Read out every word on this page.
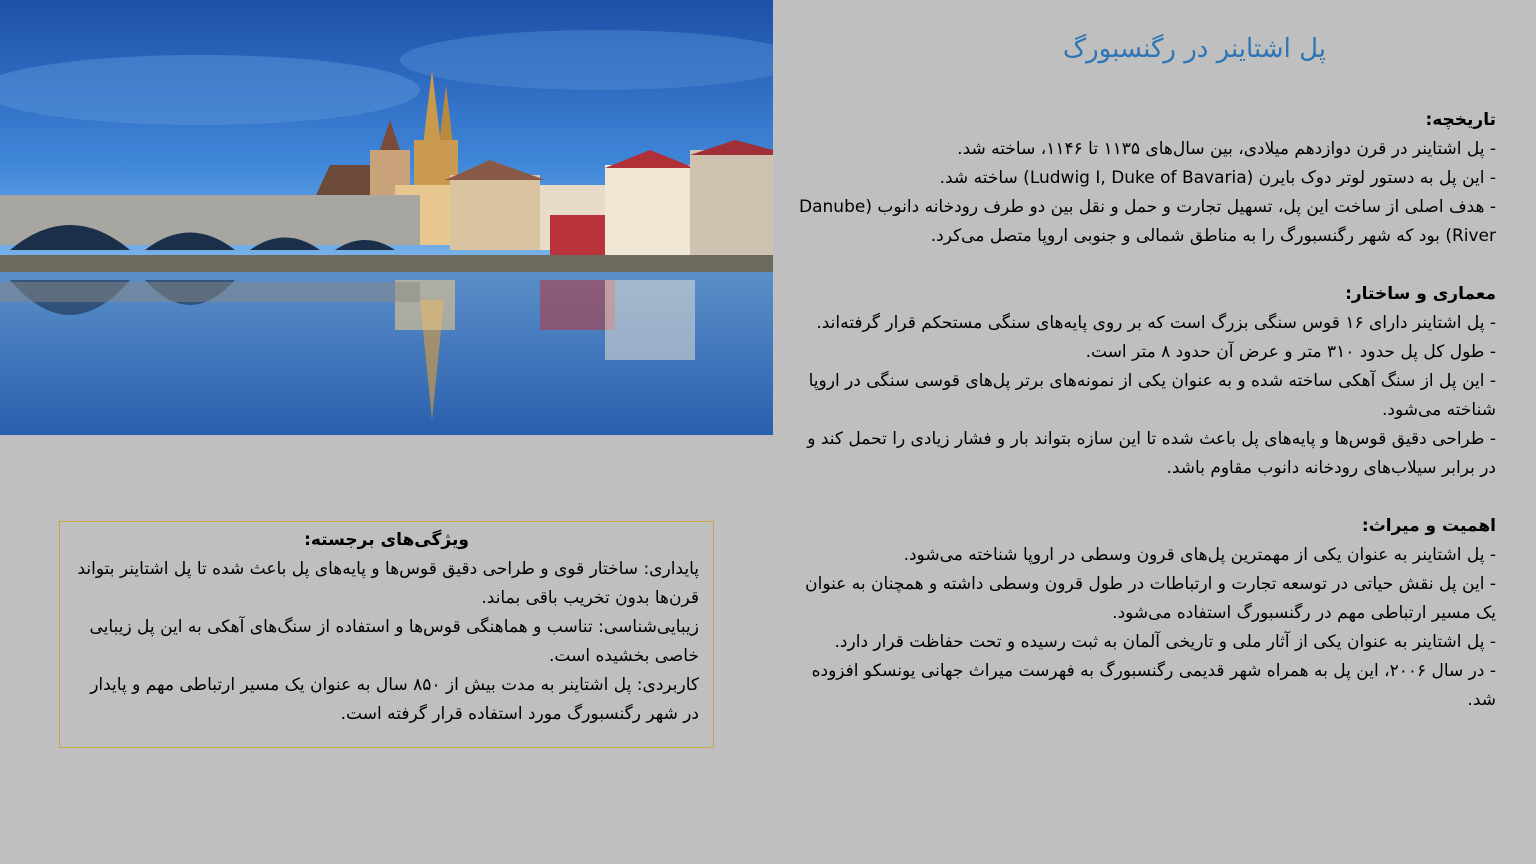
پل اشتاینر در رگنسبورگ
تاریخچه:

- پل اشتاینر در قرن دوازدهم میلادی، بین سال‌های ۱۱۳۵ تا ۱۱۴۶، ساخته شد.

- این پل به دستور لوتر دوک بایرن (Ludwig I, Duke of Bavaria) ساخته شد.

- هدف اصلی از ساخت این پل، تسهیل تجارت و حمل و نقل بین دو طرف رودخانه دانوب (Danube River) بود که شهر رگنسبورگ را به مناطق شمالی و جنوبی اروپا متصل می‌کرد.

معماری و ساختار:

- پل اشتاینر دارای ۱۶ قوس سنگی بزرگ است که بر روی پایه‌های سنگی مستحکم قرار گرفته‌اند.

- طول کل پل حدود ۳۱۰ متر و عرض آن حدود ۸ متر است.

- این پل از سنگ آهکی ساخته شده و به عنوان یکی از نمونه‌های برتر پل‌های قوسی سنگی در اروپا شناخته می‌شود.

- طراحی دقیق قوس‌ها و پایه‌های پل باعث شده تا این سازه بتواند بار و فشار زیادی را تحمل کند و در برابر سیلاب‌های رودخانه دانوب مقاوم باشد.

اهمیت و میراث:

- پل اشتاینر به عنوان یکی از مهمترین پل‌های قرون وسطی در اروپا شناخته می‌شود.

- این پل نقش حیاتی در توسعه تجارت و ارتباطات در طول قرون وسطی داشته و همچنان به عنوان یک مسیر ارتباطی مهم در رگنسبورگ استفاده می‌شود.

- پل اشتاینر به عنوان یکی از آثار ملی و تاریخی آلمان به ثبت رسیده و تحت حفاظت قرار دارد.

- در سال ۲۰۰۶، این پل به همراه شهر قدیمی رگنسبورگ به فهرست میراث جهانی یونسکو افزوده شد.

ویژگی‌های برجسته:

پایداری: ساختار قوی و طراحی دقیق قوس‌ها و پایه‌های پل باعث شده تا پل اشتاینر بتواند قرن‌ها بدون تخریب باقی بماند.

زیبایی‌شناسی: تناسب و هماهنگی قوس‌ها و استفاده از سنگ‌های آهکی به این پل زیبایی خاصی بخشیده است.

کاربردی: پل اشتاینر به مدت بیش از ۸۵۰ سال به عنوان یک مسیر ارتباطی مهم و پایدار در شهر رگنسبورگ مورد استفاده قرار گرفته است.
